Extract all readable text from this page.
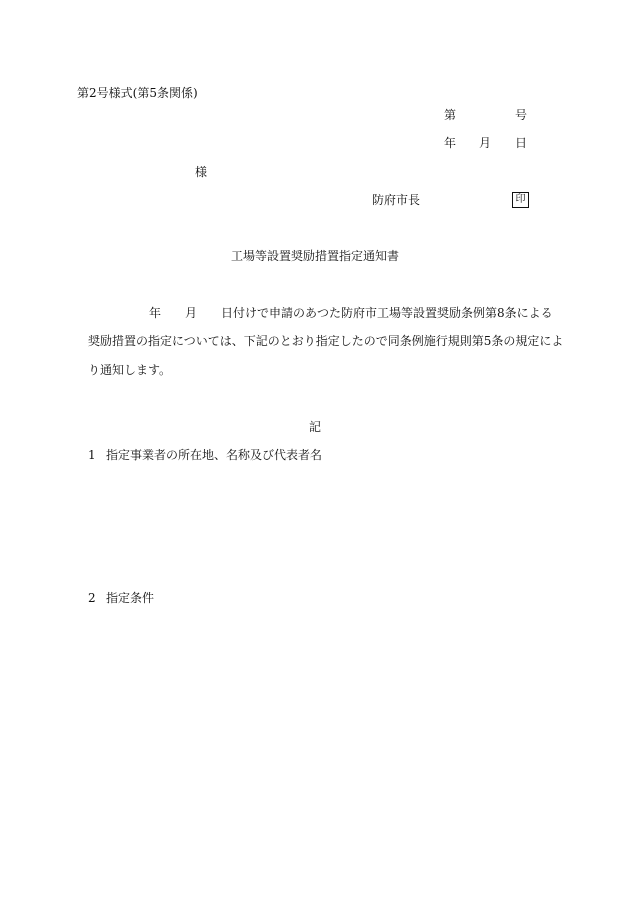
第2号様式(第5条関係)
第	号
年 月 日
様
防府市長	印
工場等設置奨励措置指定通知書
年 月 日付けで申請のあつた防府市工場等設置奨励条例第8条による
奨励措置の指定については、下記のとおり指定したので同条例施行規則第5条の規定によ
り通知します。
記
1 指定事業者の所在地、名称及び代表者名
2 指定条件
